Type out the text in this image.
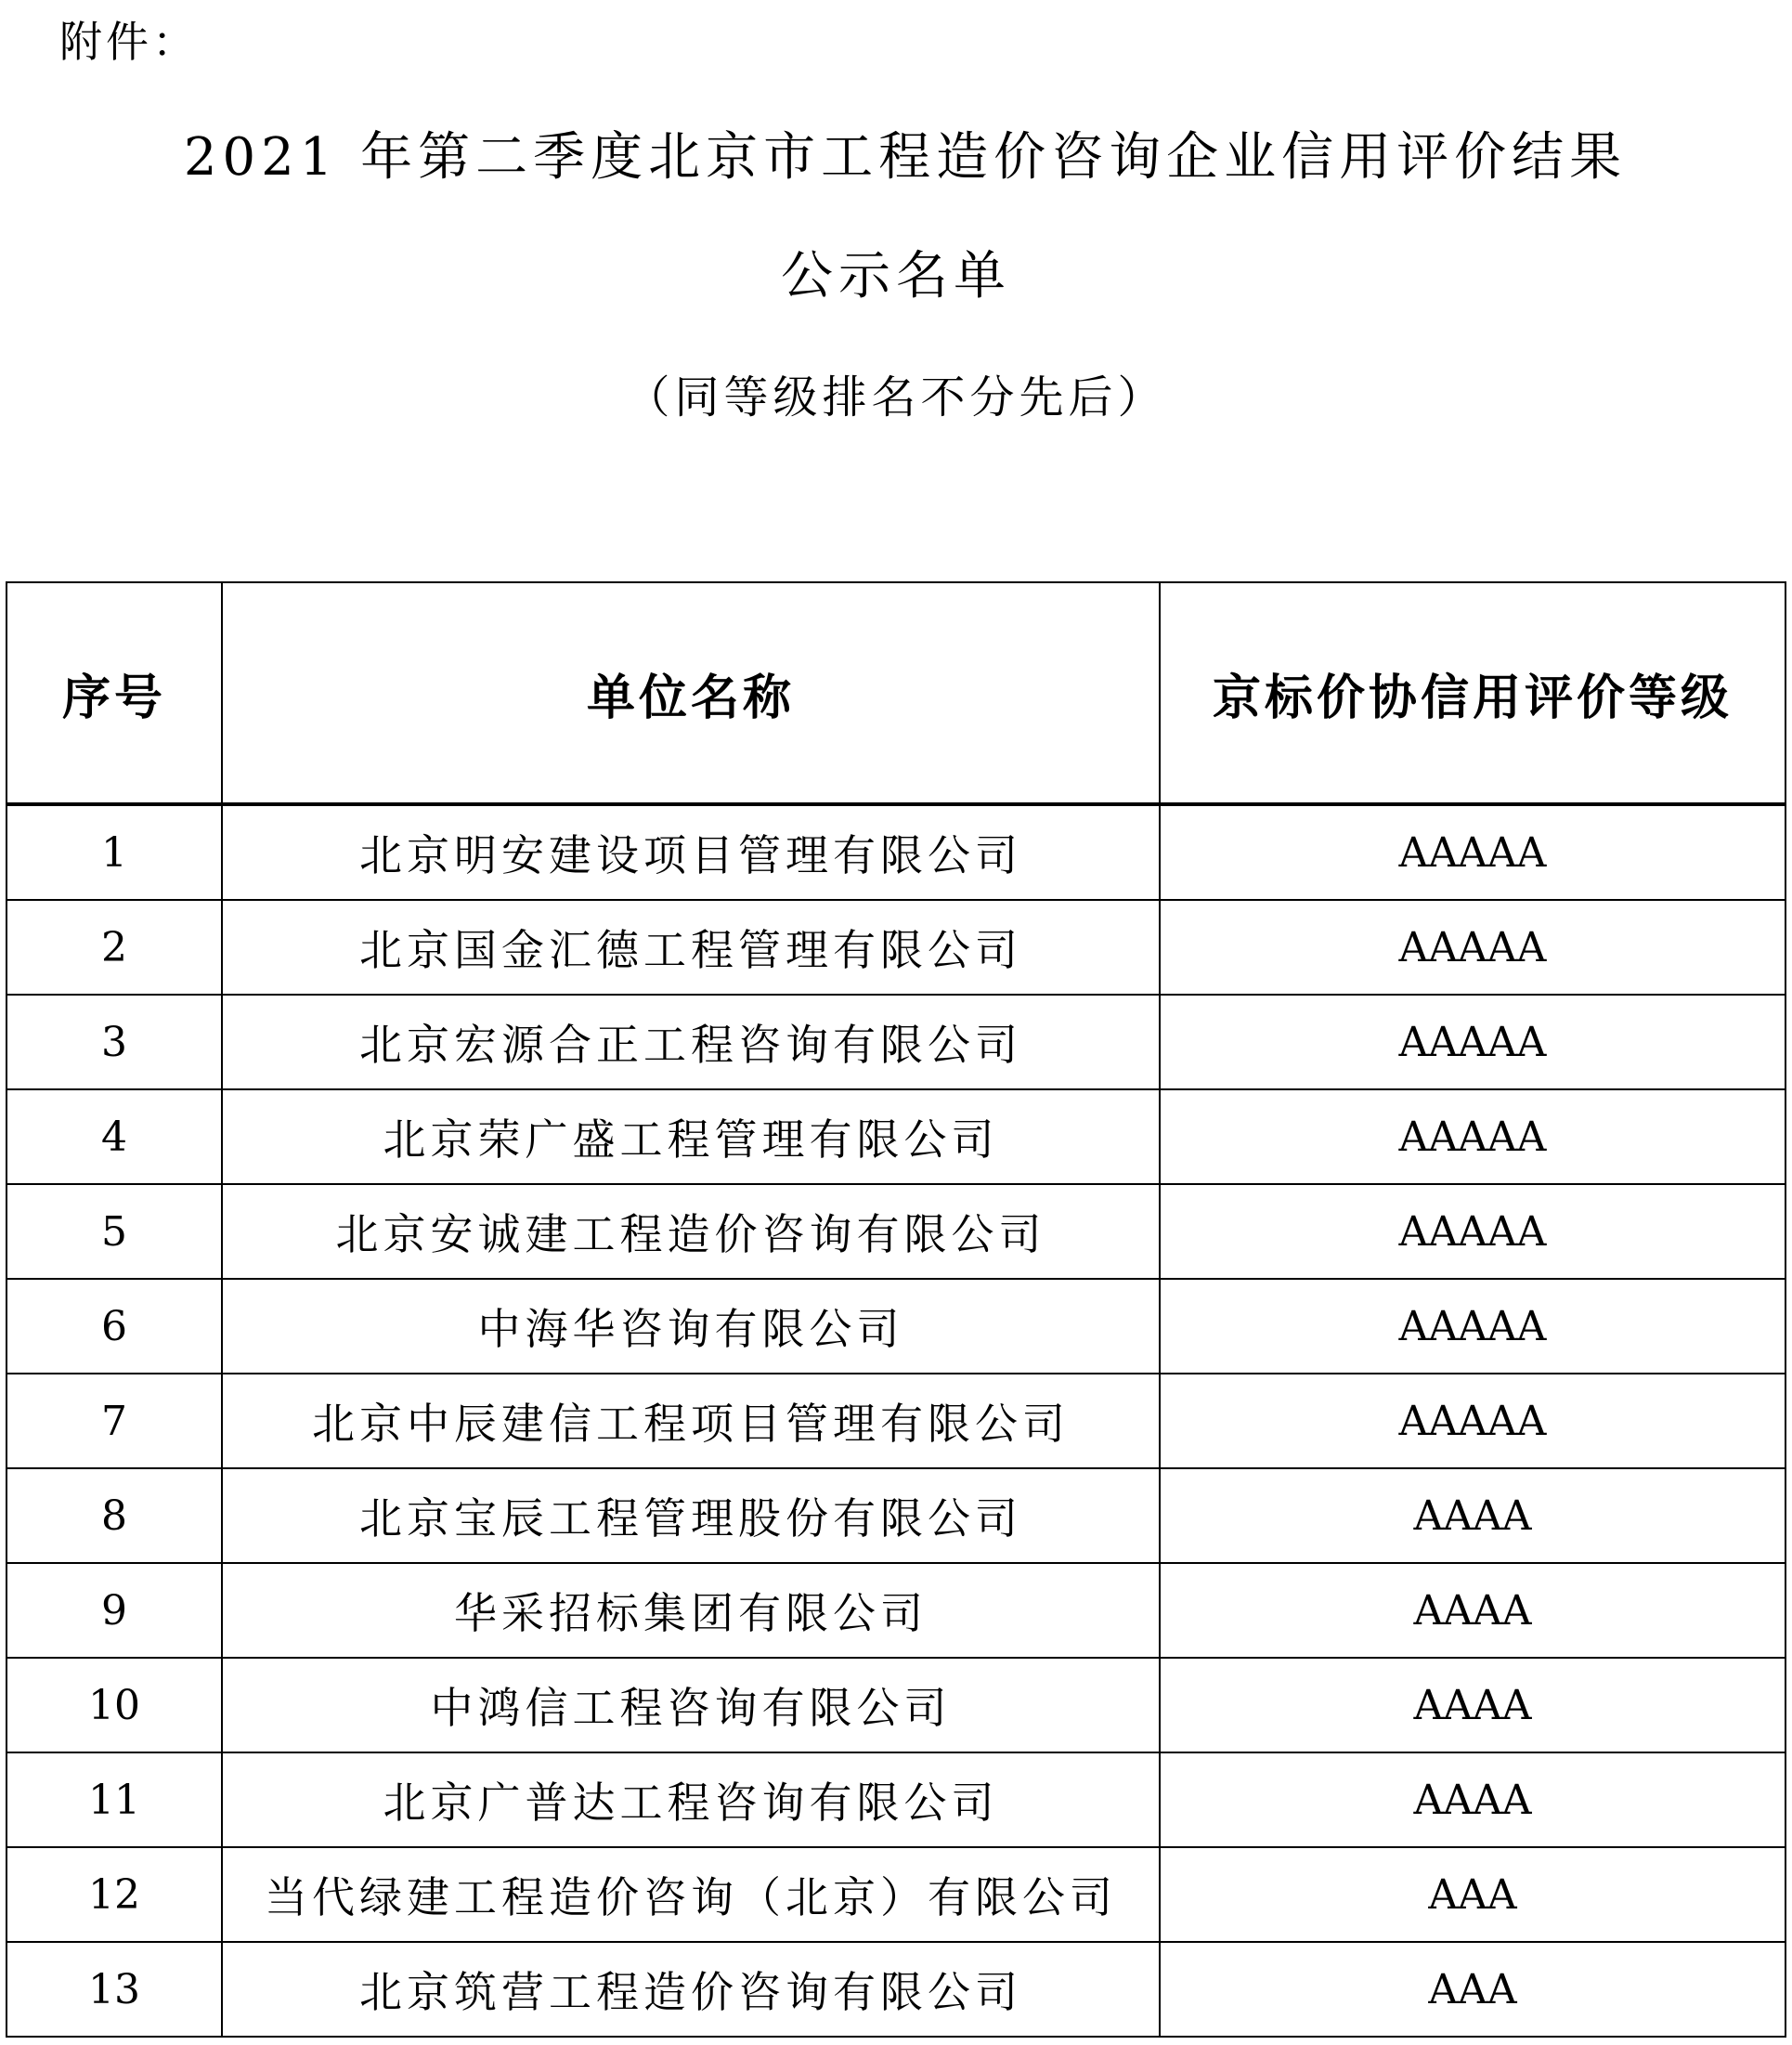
附件：
2021 年第二季度北京市工程造价咨询企业信用评价结果
公示名单
（同等级排名不分先后）
序号	单位名称	京标价协信用评价等级
1	北京明安建设项目管理有限公司	AAAAA
2	北京国金汇德工程管理有限公司	AAAAA
3	北京宏源合正工程咨询有限公司	AAAAA
4	北京荣广盛工程管理有限公司	AAAAA
5	北京安诚建工程造价咨询有限公司	AAAAA
6	中海华咨询有限公司	AAAAA
7	北京中辰建信工程项目管理有限公司	AAAAA
8	北京宝辰工程管理股份有限公司	AAAA
9	华采招标集团有限公司	AAAA
10	中鸿信工程咨询有限公司	AAAA
11	北京广普达工程咨询有限公司	AAAA
12	当代绿建工程造价咨询（北京）有限公司	AAA
13	北京筑营工程造价咨询有限公司	AAA
